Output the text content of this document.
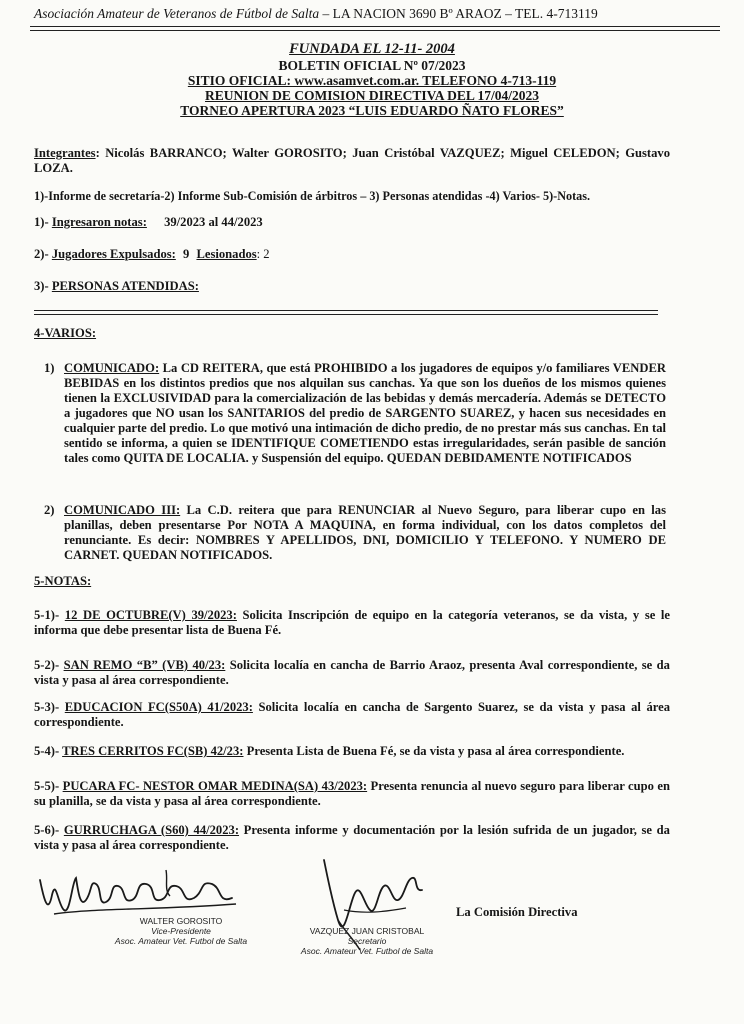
Asociación Amateur de Veteranos de Fútbol de Salta – LA NACION 3690 Bº ARAOZ – TEL. 4-713119
FUNDADA EL 12-11- 2004
BOLETIN OFICIAL Nº 07/2023
SITIO OFICIAL: www.asamvet.com.ar. TELEFONO 4-713-119
REUNION DE COMISION DIRECTIVA DEL 17/04/2023
TORNEO APERTURA 2023 “LUIS EDUARDO ÑATO FLORES”
Integrantes: Nicolás BARRANCO; Walter GOROSITO; Juan Cristóbal VAZQUEZ; Miguel CELEDON; Gustavo LOZA.
1)-Informe de secretaría-2) Informe Sub-Comisión de árbitros – 3) Personas atendidas -4) Varios- 5)-Notas.
1)- Ingresaron notas: 39/2023 al 44/2023
2)- Jugadores Expulsados: 9 Lesionados: 2
3)- PERSONAS ATENDIDAS:
4-VARIOS:
1) COMUNICADO: La CD REITERA, que está PROHIBIDO a los jugadores de equipos y/o familiares VENDER BEBIDAS en los distintos predios que nos alquilan sus canchas. Ya que son los dueños de los mismos quienes tienen la EXCLUSIVIDAD para la comercialización de las bebidas y demás mercadería. Además se DETECTO a jugadores que NO usan los SANITARIOS del predio de SARGENTO SUAREZ, y hacen sus necesidades en cualquier parte del predio. Lo que motivó una intimación de dicho predio, de no prestar más sus canchas. En tal sentido se informa, a quien se IDENTIFIQUE COMETIENDO estas irregularidades, serán pasible de sanción tales como QUITA DE LOCALIA. y Suspensión del equipo. QUEDAN DEBIDAMENTE NOTIFICADOS
2) COMUNICADO III: La C.D. reitera que para RENUNCIAR al Nuevo Seguro, para liberar cupo en las planillas, deben presentarse Por NOTA A MAQUINA, en forma individual, con los datos completos del renunciante. Es decir: NOMBRES Y APELLIDOS, DNI, DOMICILIO Y TELEFONO. Y NUMERO DE CARNET. QUEDAN NOTIFICADOS.
5-NOTAS:
5-1)- 12 DE OCTUBRE(V) 39/2023: Solicita Inscripción de equipo en la categoría veteranos, se da vista, y se le informa que debe presentar lista de Buena Fé.
5-2)- SAN REMO “B” (VB) 40/23: Solicita localía en cancha de Barrio Araoz, presenta Aval correspondiente, se da vista y pasa al área correspondiente.
5-3)- EDUCACION FC(S50A) 41/2023: Solicita localía en cancha de Sargento Suarez, se da vista y pasa al área correspondiente.
5-4)- TRES CERRITOS FC(SB) 42/23: Presenta Lista de Buena Fé, se da vista y pasa al área correspondiente.
5-5)- PUCARA FC- NESTOR OMAR MEDINA(SA) 43/2023: Presenta renuncia al nuevo seguro para liberar cupo en su planilla, se da vista y pasa al área correspondiente.
5-6)- GURRUCHAGA (S60) 44/2023: Presenta informe y documentación por la lesión sufrida de un jugador, se da vista y pasa al área correspondiente.
WALTER GOROSITO
Vice-Presidente
Asoc. Amateur Vet. Futbol de Salta
VAZQUEZ JUAN CRISTOBAL
Secretario
Asoc. Amateur Vet. Futbol de Salta
La Comisión Directiva
